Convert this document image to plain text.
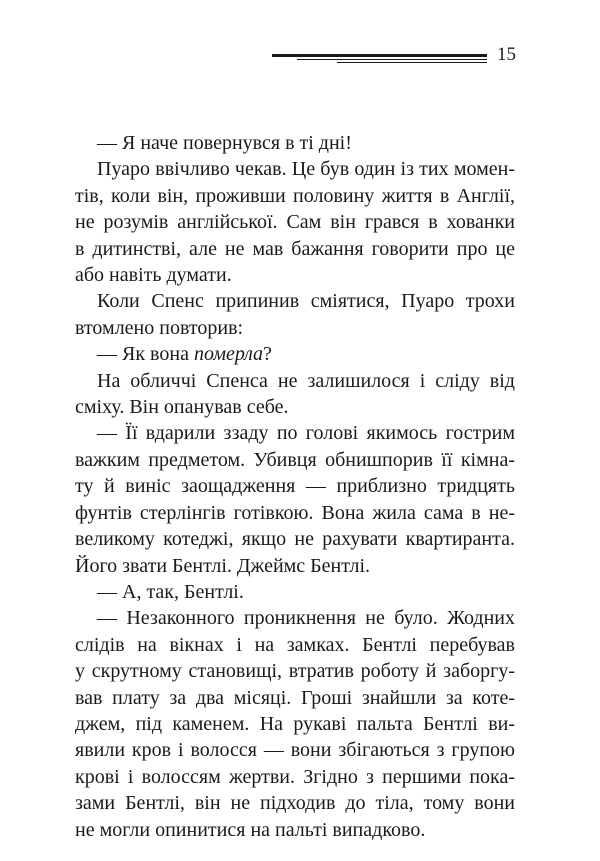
15
— Я наче повернувся в ті дні!
Пуаро ввічливо чекав. Це був один із тих момен-
тів, коли він, проживши половину життя в Англії,
не розумів англійської. Сам він грався в хованки
в дитинстві, але не мав бажання говорити про це
або навіть думати.
Коли Спенс припинив сміятися, Пуаро трохи
втомлено повторив:
— Як вона померла?
На обличчі Спенса не залишилося і сліду від
сміху. Він опанував себе.
— Її вдарили ззаду по голові якимось гострим
важким предметом. Убивця обнишпорив її кімна-
ту й виніс заощадження — приблизно тридцять
фунтів стерлінгів готівкою. Вона жила сама в не-
великому котеджі, якщо не рахувати квартиранта.
Його звати Бентлі. Джеймс Бентлі.
— А, так, Бентлі.
— Незаконного проникнення не було. Жодних
слідів на вікнах і на замках. Бентлі перебував
у скрутному становищі, втратив роботу й заборгу-
вав плату за два місяці. Гроші знайшли за коте-
джем, під каменем. На рукаві пальта Бентлі ви-
явили кров і волосся — вони збігаються з групою
крові і волоссям жертви. Згідно з першими пока-
зами Бентлі, він не підходив до тіла, тому вони
не могли опинитися на пальті випадково.
